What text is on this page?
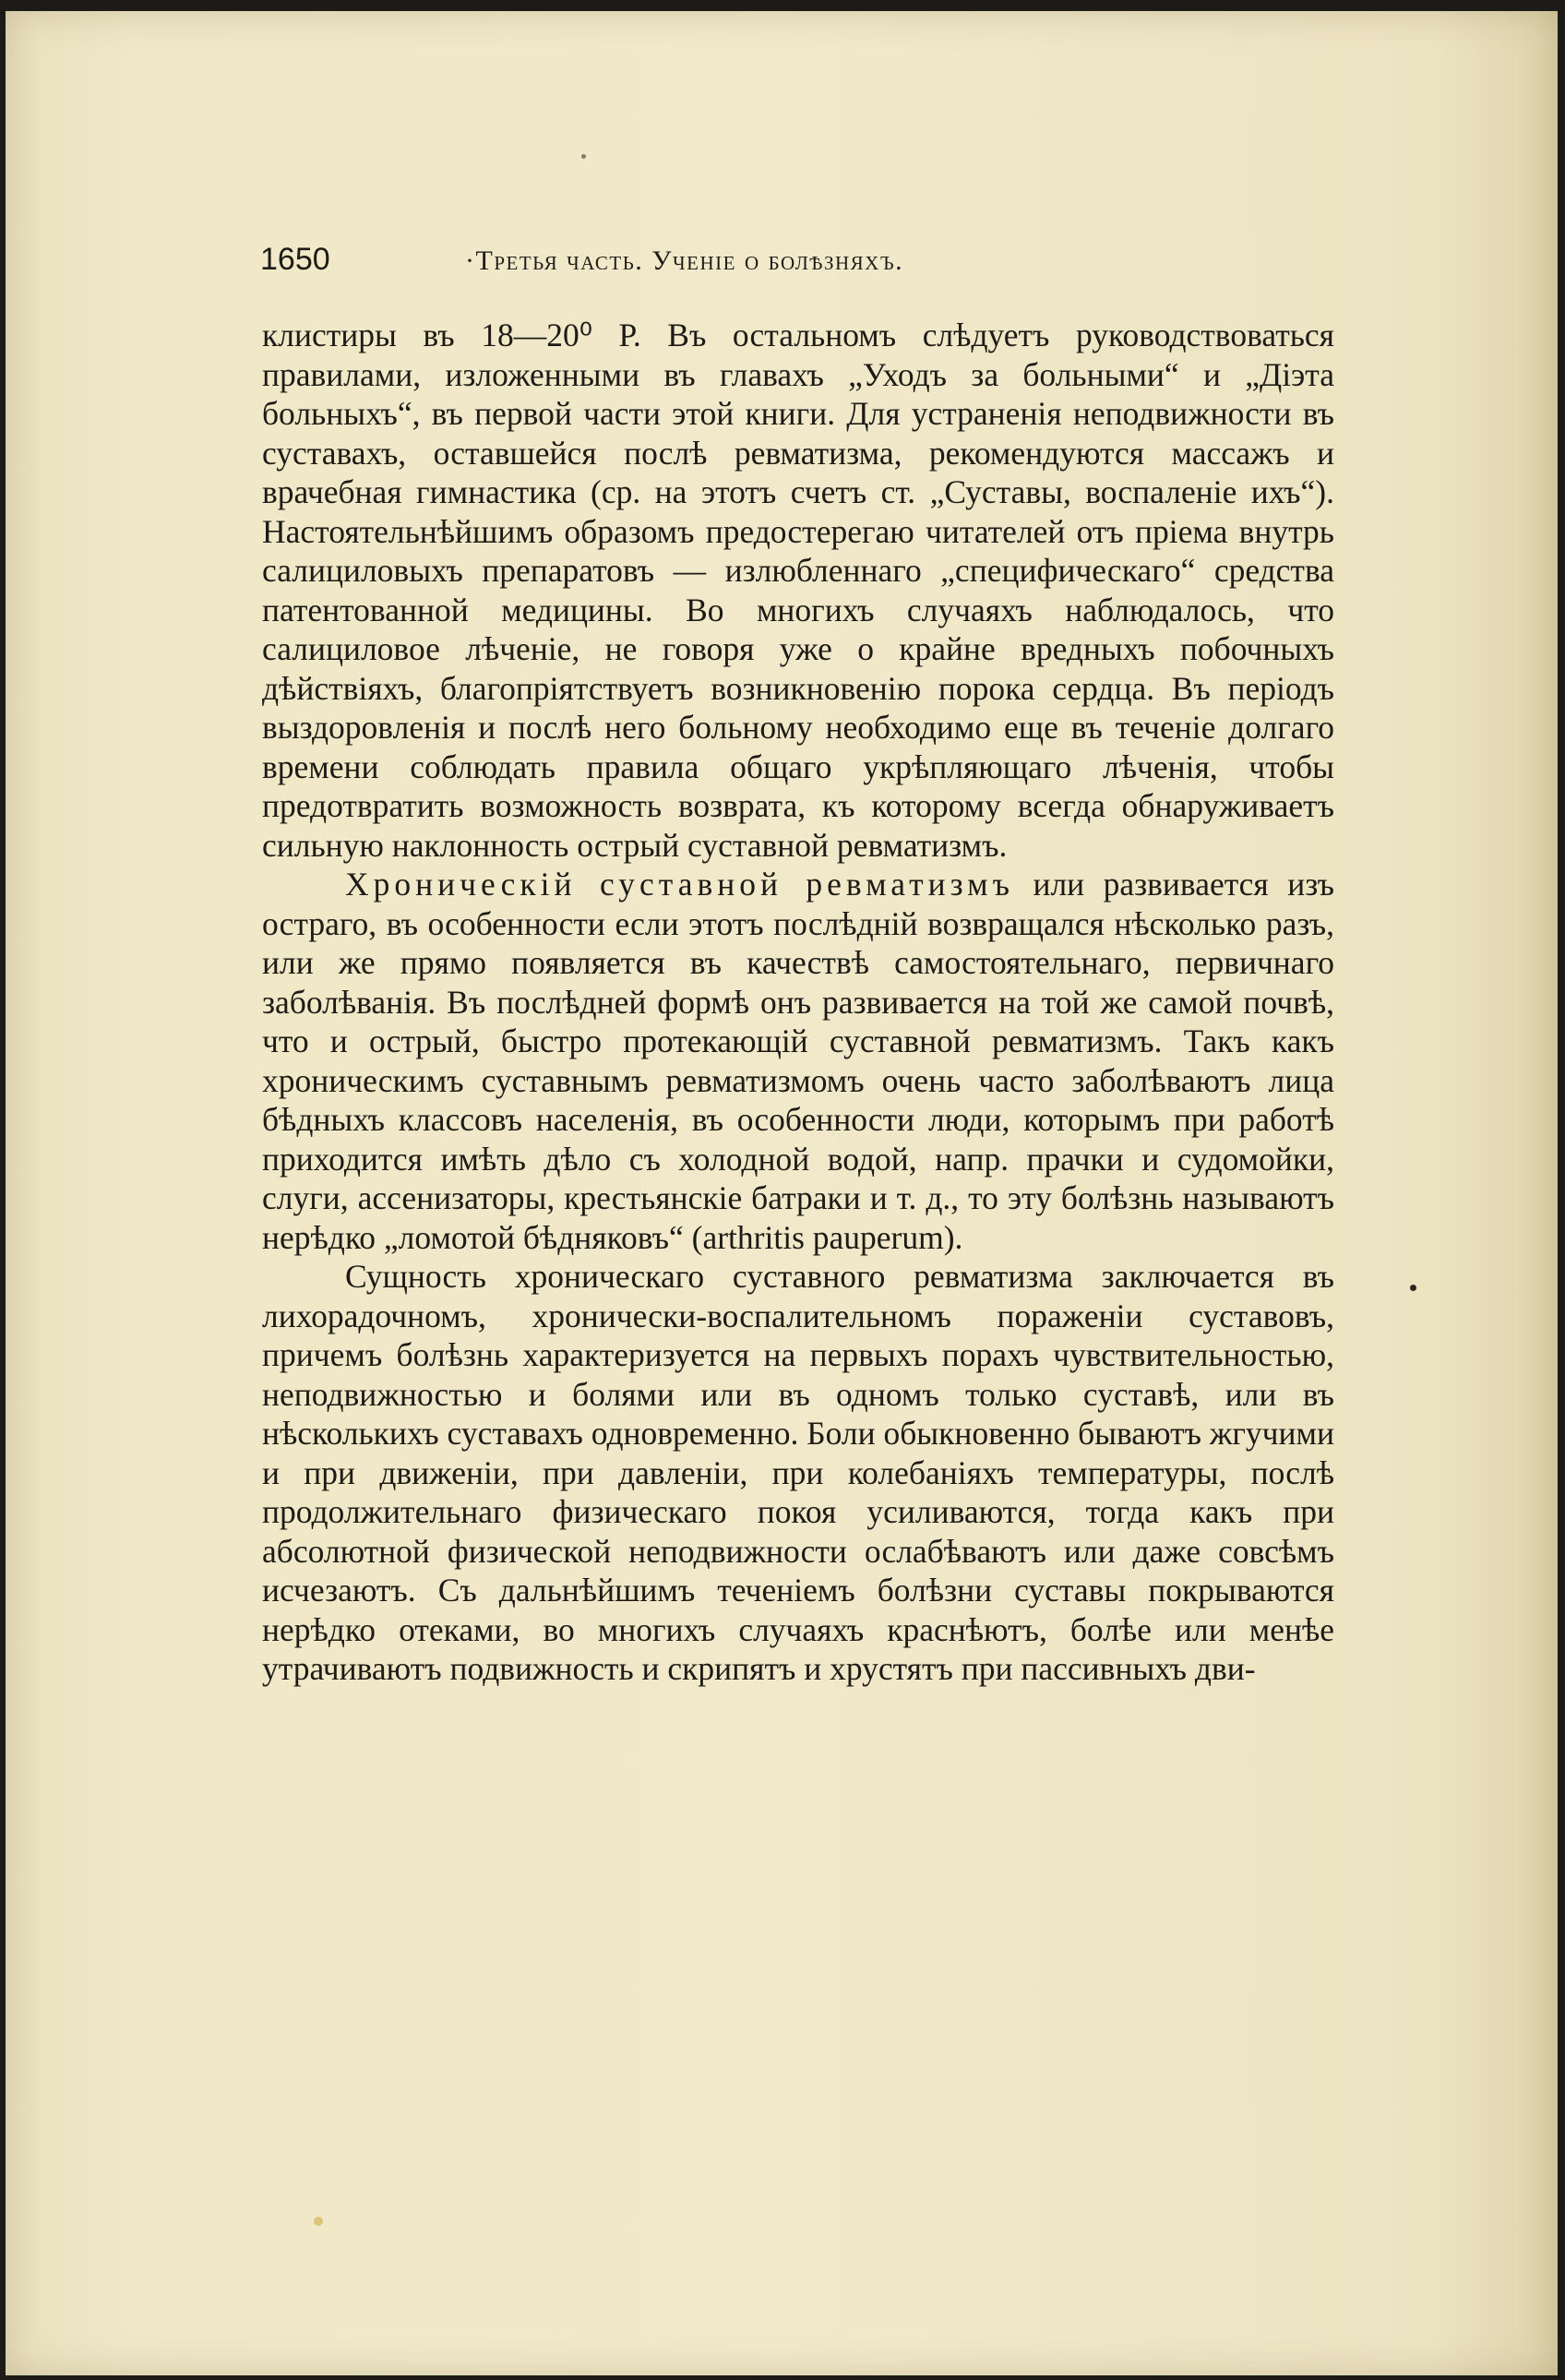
1650	·Третья часть. Ученіе о болѣзняхъ.

клистиры въ 18—20⁰ Р. Въ остальномъ слѣдуетъ руководствоваться правилами, изложенными въ главахъ „Уходъ за больными“ и „Діэта больныхъ“, въ первой части этой книги. Для устраненія неподвижности въ суставахъ, оставшейся послѣ ревматизма, рекомендуются массажъ и врачебная гимнастика (ср. на этотъ счетъ ст. „Суставы, воспаленіе ихъ“). Настоятельнѣйшимъ образомъ предостерегаю читателей отъ пріема внутрь салициловыхъ препаратовъ — излюбленнаго „специфическаго“ средства патентованной медицины. Во многихъ случаяхъ наблюдалось, что салициловое лѣченіе, не говоря уже о крайне вредныхъ побочныхъ дѣйствіяхъ, благопріятствуетъ возникновенію порока сердца. Въ періодъ выздоровленія и послѣ него больному необходимо еще въ теченіе долгаго времени соблюдать правила общаго укрѣпляющаго лѣченія, чтобы предотвратить возможность возврата, къ которому всегда обнаруживаетъ сильную наклонность острый суставной ревматизмъ.

Хроническій суставной ревматизмъ или развивается изъ остраго, въ особенности если этотъ послѣдній возвращался нѣсколько разъ, или же прямо появляется въ качествѣ самостоятельнаго, первичнаго заболѣванія. Въ послѣдней формѣ онъ развивается на той же самой почвѣ, что и острый, быстро протекающій суставной ревматизмъ. Такъ какъ хроническимъ суставнымъ ревматизмомъ очень часто заболѣваютъ лица бѣдныхъ классовъ населенія, въ особенности люди, которымъ при работѣ приходится имѣть дѣло съ холодной водой, напр. прачки и судомойки, слуги, ассенизаторы, крестьянскіе батраки и т. д., то эту болѣзнь называютъ нерѣдко „ломотой бѣдняковъ“ (arthritis pauperum).

Сущность хроническаго суставного ревматизма заключается въ лихорадочномъ, хронически-воспалительномъ пораженіи суставовъ, причемъ болѣзнь характеризуется на первыхъ порахъ чувствительностью, неподвижностью и болями или въ одномъ только суставѣ, или въ нѣсколькихъ суставахъ одновременно. Боли обыкновенно бываютъ жгучими и при движеніи, при давленіи, при колебаніяхъ температуры, послѣ продолжительнаго физическаго покоя усиливаются, тогда какъ при абсолютной физической неподвижности ослабѣваютъ или даже совсѣмъ исчезаютъ. Съ дальнѣйшимъ теченіемъ болѣзни суставы покрываются нерѣдко отеками, во многихъ случаяхъ краснѣютъ, болѣе или менѣе утрачиваютъ подвижность и скрипятъ и хрустятъ при пассивныхъ дви-
